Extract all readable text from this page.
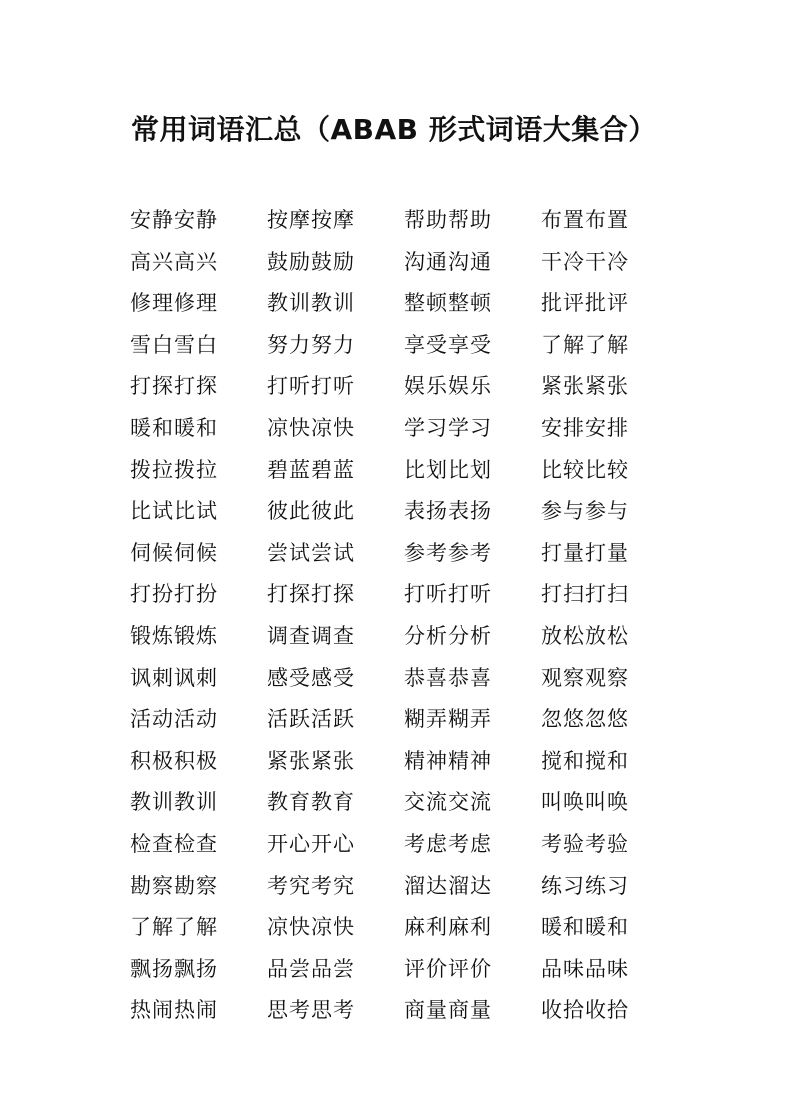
常用词语汇总（ABAB 形式词语大集合）
安静安静	按摩按摩	帮助帮助	布置布置
高兴高兴	鼓励鼓励	沟通沟通	干冷干冷
修理修理	教训教训	整顿整顿	批评批评
雪白雪白	努力努力	享受享受	了解了解
打探打探	打听打听	娱乐娱乐	紧张紧张
暖和暖和	凉快凉快	学习学习	安排安排
拨拉拨拉	碧蓝碧蓝	比划比划	比较比较
比试比试	彼此彼此	表扬表扬	参与参与
伺候伺候	尝试尝试	参考参考	打量打量
打扮打扮	打探打探	打听打听	打扫打扫
锻炼锻炼	调查调查	分析分析	放松放松
讽刺讽刺	感受感受	恭喜恭喜	观察观察
活动活动	活跃活跃	糊弄糊弄	忽悠忽悠
积极积极	紧张紧张	精神精神	搅和搅和
教训教训	教育教育	交流交流	叫唤叫唤
检查检查	开心开心	考虑考虑	考验考验
勘察勘察	考究考究	溜达溜达	练习练习
了解了解	凉快凉快	麻利麻利	暖和暖和
飘扬飘扬	品尝品尝	评价评价	品味品味
热闹热闹	思考思考	商量商量	收拾收拾
